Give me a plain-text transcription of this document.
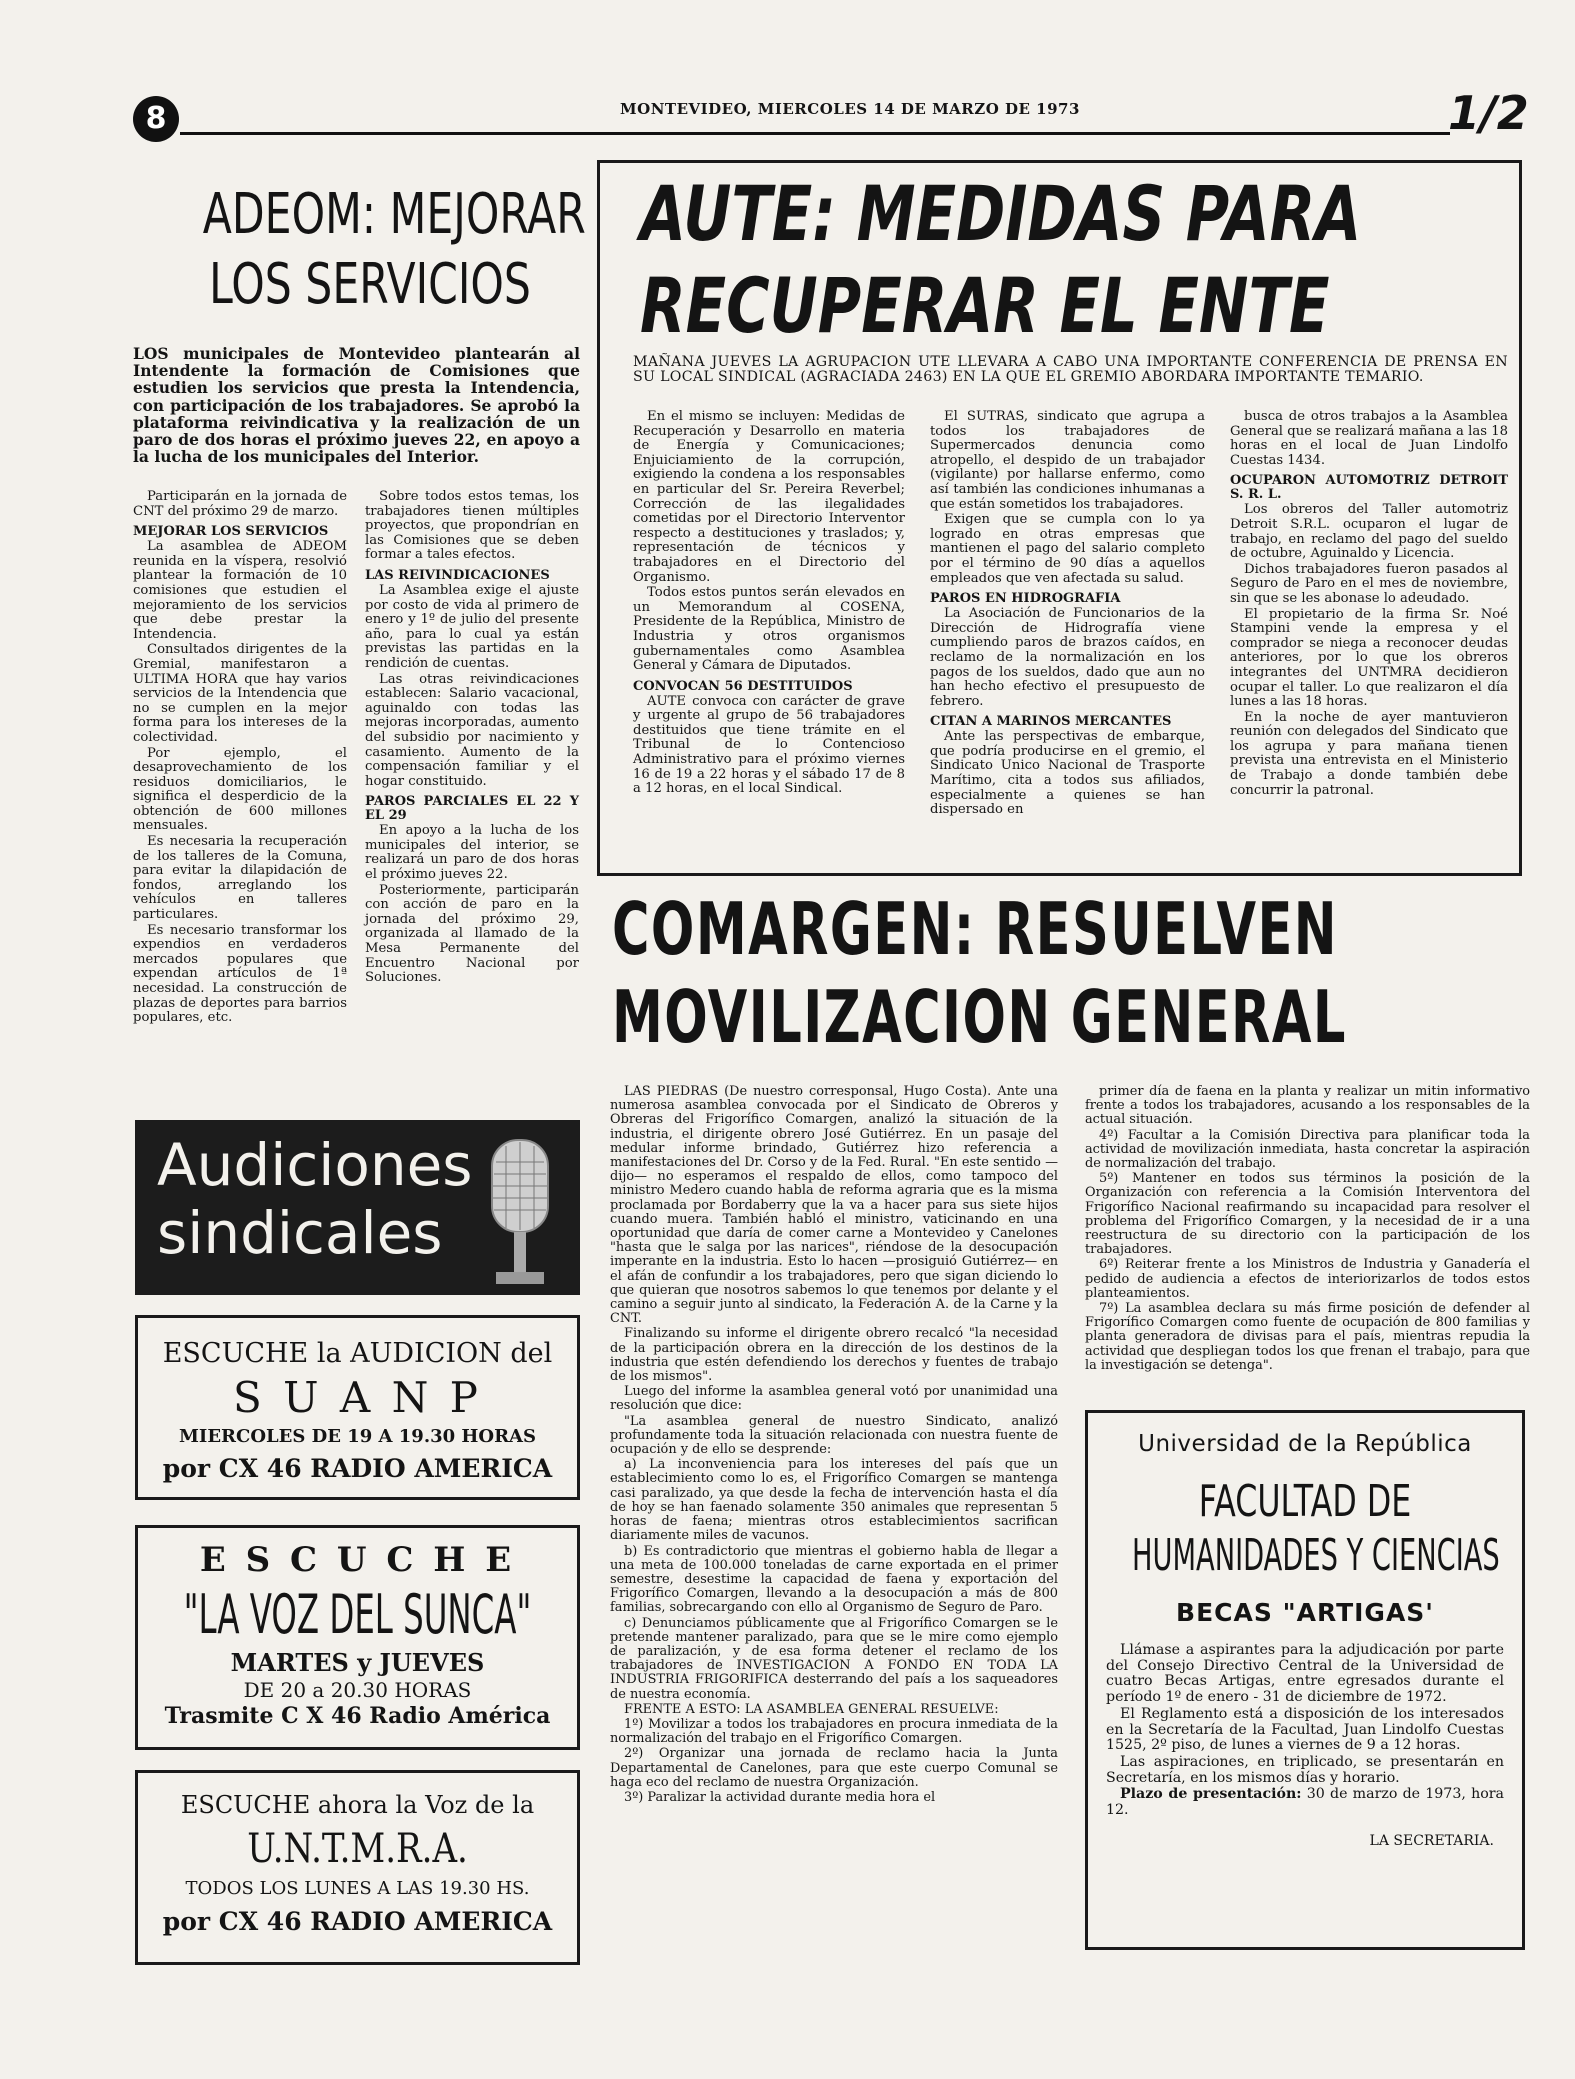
8	MONTEVIDEO, MIERCOLES 14 DE MARZO DE 1973	1/2
ADEOM: MEJORAR
LOS SERVICIOS
LOS municipales de Montevideo plantearán al Intendente la formación de Comisiones que estudien los servicios que presta la Intendencia, con participación de los trabajadores. Se aprobó la plataforma reivindicativa y la realización de un paro de dos horas el próximo jueves 22, en apoyo a la lucha de los municipales del Interior.

Participarán en la jornada de CNT del próximo 29 de marzo.

MEJORAR LOS SERVICIOS

La asamblea de ADEOM reunida en la víspera, resolvió plantear la formación de 10 comisiones que estudien el mejoramiento de los servicios que debe prestar la Intendencia.

Consultados dirigentes de la Gremial, manifestaron a ULTIMA HORA que hay varios servicios de la Intendencia que no se cumplen en la mejor forma para los intereses de la colectividad.

Por ejemplo, el desaprovechamiento de los residuos domiciliarios, le significa el desperdicio de la obtención de 600 millones mensuales.

Es necesaria la recuperación de los talleres de la Comuna, para evitar la dilapidación de fondos, arreglando los vehículos en talleres particulares.

Es necesario transformar los expendios en verdaderos mercados populares que expendan artículos de 1ª necesidad. La construcción de plazas de deportes para barrios populares, etc.

Sobre todos estos temas, los trabajadores tienen múltiples proyectos, que propondrían en las Comisiones que se deben formar a tales efectos.

LAS REIVINDICACIONES

La Asamblea exige el ajuste por costo de vida al primero de enero y 1º de julio del presente año, para lo cual ya están previstas las partidas en la rendición de cuentas.

Las otras reivindicaciones establecen: Salario vacacional, aguinaldo con todas las mejoras incorporadas, aumento del subsidio por nacimiento y casamiento. Aumento de la compensación familiar y el hogar constituido.

PAROS PARCIALES EL 22 Y EL 29

En apoyo a la lucha de los municipales del interior, se realizará un paro de dos horas el próximo jueves 22.

Posteriormente, participarán con acción de paro en la jornada del próximo 29, organizada al llamado de la Mesa Permanente del Encuentro Nacional por Soluciones.

AUTE: MEDIDAS PARA
RECUPERAR EL ENTE
MAÑANA JUEVES LA AGRUPACION UTE LLEVARA A CABO UNA IMPORTANTE CONFERENCIA DE PRENSA EN SU LOCAL SINDICAL (AGRACIADA 2463) EN LA QUE EL GREMIO ABORDARA IMPORTANTE TEMARIO.

En el mismo se incluyen: Medidas de Recuperación y Desarrollo en materia de Energía y Comunicaciones; Enjuiciamiento de la corrupción, exigiendo la condena a los responsables en particular del Sr. Pereira Reverbel; Corrección de las ilegalidades cometidas por el Directorio Interventor respecto a destituciones y traslados; y, representación de técnicos y trabajadores en el Directorio del Organismo.

Todos estos puntos serán elevados en un Memorandum al COSENA, Presidente de la República, Ministro de Industria y otros organismos gubernamentales como Asamblea General y Cámara de Diputados.

CONVOCAN 56 DESTITUIDOS

AUTE convoca con carácter de grave y urgente al grupo de 56 trabajadores destituidos que tiene trámite en el Tribunal de lo Contencioso Administrativo para el próximo viernes 16 de 19 a 22 horas y el sábado 17 de 8 a 12 horas, en el local Sindical.

El SUTRAS, sindicato que agrupa a todos los trabajadores de Supermercados denuncia como atropello, el despido de un trabajador (vigilante) por hallarse enfermo, como así también las condiciones inhumanas a que están sometidos los trabajadores.

Exigen que se cumpla con lo ya logrado en otras empresas que mantienen el pago del salario completo por el término de 90 días a aquellos empleados que ven afectada su salud.

PAROS EN HIDROGRAFIA

La Asociación de Funcionarios de la Dirección de Hidrografía viene cumpliendo paros de brazos caídos, en reclamo de la normalización en los pagos de los sueldos, dado que aun no han hecho efectivo el presupuesto de febrero.

CITAN A MARINOS MERCANTES

Ante las perspectivas de embarque, que podría producirse en el gremio, el Sindicato Unico Nacional de Trasporte Marítimo, cita a todos sus afiliados, especialmente a quienes se han dispersado en

busca de otros trabajos a la Asamblea General que se realizará mañana a las 18 horas en el local de Juan Lindolfo Cuestas 1434.

OCUPARON AUTOMOTRIZ DETROIT S. R. L.

Los obreros del Taller automotriz Detroit S.R.L. ocuparon el lugar de trabajo, en reclamo del pago del sueldo de octubre, Aguinaldo y Licencia.

Dichos trabajadores fueron pasados al Seguro de Paro en el mes de noviembre, sin que se les abonase lo adeudado.

El propietario de la firma Sr. Noé Stampini vende la empresa y el comprador se niega a reconocer deudas anteriores, por lo que los obreros integrantes del UNTMRA decidieron ocupar el taller. Lo que realizaron el día lunes a las 18 horas.

En la noche de ayer mantuvieron reunión con delegados del Sindicato que los agrupa y para mañana tienen prevista una entrevista en el Ministerio de Trabajo a donde también debe concurrir la patronal.

COMARGEN: RESUELVEN
MOVILIZACION GENERAL

LAS PIEDRAS (De nuestro corresponsal, Hugo Costa). Ante una numerosa asamblea convocada por el Sindicato de Obreros y Obreras del Frigorífico Comargen, analizó la situación de la industria, el dirigente obrero José Gutiérrez. En un pasaje del medular informe brindado, Gutiérrez hizo referencia a manifestaciones del Dr. Corso y de la Fed. Rural. "En este sentido —dijo— no esperamos el respaldo de ellos, como tampoco del ministro Medero cuando habla de reforma agraria que es la misma proclamada por Bordaberry que la va a hacer para sus siete hijos cuando muera. También habló el ministro, vaticinando en una oportunidad que daría de comer carne a Montevideo y Canelones "hasta que le salga por las narices", riéndose de la desocupación imperante en la industria. Esto lo hacen —prosiguió Gutiérrez— en el afán de confundir a los trabajadores, pero que sigan diciendo lo que quieran que nosotros sabemos lo que tenemos por delante y el camino a seguir junto al sindicato, la Federación A. de la Carne y la CNT.

Finalizando su informe el dirigente obrero recalcó "la necesidad de la participación obrera en la dirección de los destinos de la industria que estén defendiendo los derechos y fuentes de trabajo de los mismos".

Luego del informe la asamblea general votó por unanimidad una resolución que dice:

"La asamblea general de nuestro Sindicato, analizó profundamente toda la situación relacionada con nuestra fuente de ocupación y de ello se desprende:

a) La inconveniencia para los intereses del país que un establecimiento como lo es, el Frigorífico Comargen se mantenga casi paralizado, ya que desde la fecha de intervención hasta el día de hoy se han faenado solamente 350 animales que representan 5 horas de faena; mientras otros establecimientos sacrifican diariamente miles de vacunos.

b) Es contradictorio que mientras el gobierno habla de llegar a una meta de 100.000 toneladas de carne exportada en el primer semestre, desestime la capacidad de faena y exportación del Frigorífico Comargen, llevando a la desocupación a más de 800 familias, sobrecargando con ello al Organismo de Seguro de Paro.

c) Denunciamos públicamente que al Frigorífico Comargen se le pretende mantener paralizado, para que se le mire como ejemplo de paralización, y de esa forma detener el reclamo de los trabajadores de INVESTIGACION A FONDO EN TODA LA INDUSTRIA FRIGORIFICA desterrando del país a los saqueadores de nuestra economía.

FRENTE A ESTO: LA ASAMBLEA GENERAL RESUELVE:

1º) Movilizar a todos los trabajadores en procura inmediata de la normalización del trabajo en el Frigorífico Comargen.

2º) Organizar una jornada de reclamo hacia la Junta Departamental de Canelones, para que este cuerpo Comunal se haga eco del reclamo de nuestra Organización.

3º) Paralizar la actividad durante media hora el

primer día de faena en la planta y realizar un mitin informativo frente a todos los trabajadores, acusando a los responsables de la actual situación.

4º) Facultar a la Comisión Directiva para planificar toda la actividad de movilización inmediata, hasta concretar la aspiración de normalización del trabajo.

5º) Mantener en todos sus términos la posición de la Organización con referencia a la Comisión Interventora del Frigorífico Nacional reafirmando su incapacidad para resolver el problema del Frigorífico Comargen, y la necesidad de ir a una reestructura de su directorio con la participación de los trabajadores.

6º) Reiterar frente a los Ministros de Industria y Ganadería el pedido de audiencia a efectos de interiorizarlos de todos estos planteamientos.

7º) La asamblea declara su más firme posición de defender al Frigorífico Comargen como fuente de ocupación de 800 familias y planta generadora de divisas para el país, mientras repudia la actividad que despliegan todos los que frenan el trabajo, para que la investigación se detenga".

Audiciones
sindicales
ESCUCHE la AUDICION del
S U A N P
MIERCOLES DE 19 A 19.30 HORAS
por CX 46 RADIO AMERICA
E S C U C H E
"LA VOZ DEL SUNCA"
MARTES y JUEVES
DE 20 a 20.30 HORAS
Trasmite C X 46 Radio América
ESCUCHE ahora la Voz de la
U.N.T.M.R.A.
TODOS LOS LUNES A LAS 19.30 HS.
por CX 46 RADIO AMERICA
Universidad de la República
FACULTAD DE
HUMANIDADES Y CIENCIAS
BECAS "ARTIGAS'

Llámase a aspirantes para la adjudicación por parte del Consejo Directivo Central de la Universidad de cuatro Becas Artigas, entre egresados durante el período 1º de enero - 31 de diciembre de 1972.

El Reglamento está a disposición de los interesados en la Secretaría de la Facultad, Juan Lindolfo Cuestas 1525, 2º piso, de lunes a viernes de 9 a 12 horas.

Las aspiraciones, en triplicado, se presentarán en Secretaría, en los mismos días y horario.

Plazo de presentación: 30 de marzo de 1973, hora 12.

LA SECRETARIA.
